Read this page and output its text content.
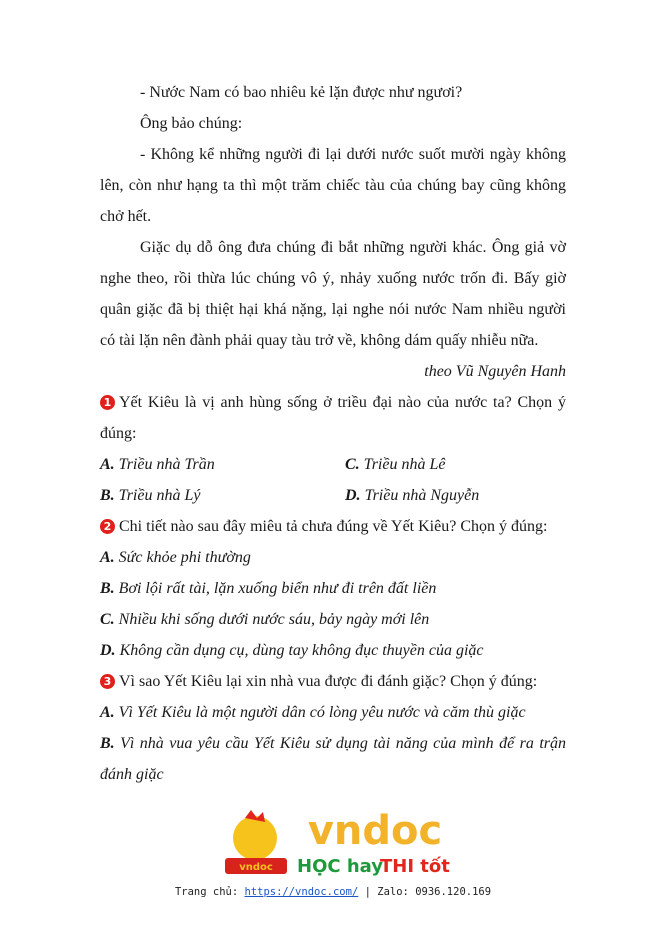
- Nước Nam có bao nhiêu kẻ lặn được như ngươi?

Ông bảo chúng:

- Không kể những người đi lại dưới nước suốt mười ngày không lên, còn như hạng ta thì một trăm chiếc tàu của chúng bay cũng không chở hết.

Giặc dụ dỗ ông đưa chúng đi bắt những người khác. Ông giả vờ nghe theo, rồi thừa lúc chúng vô ý, nhảy xuống nước trốn đi. Bấy giờ quân giặc đã bị thiệt hại khá nặng, lại nghe nói nước Nam nhiều người có tài lặn nên đành phải quay tàu trở về, không dám quấy nhiễu nữa.

theo Vũ Nguyên Hanh

1 Yết Kiêu là vị anh hùng sống ở triều đại nào của nước ta? Chọn ý đúng:

A. Triều nhà Trần	C. Triều nhà Lê
B. Triều nhà Lý	D. Triều nhà Nguyễn

2 Chi tiết nào sau đây miêu tả chưa đúng về Yết Kiêu? Chọn ý đúng:

A. Sức khỏe phi thường

B. Bơi lội rất tài, lặn xuống biển như đi trên đất liền

C. Nhiều khi sống dưới nước sáu, bảy ngày mới lên

D. Không cần dụng cụ, dùng tay không đục thuyền của giặc

3 Vì sao Yết Kiêu lại xin nhà vua được đi đánh giặc? Chọn ý đúng:

A. Vì Yết Kiêu là một người dân có lòng yêu nước và căm thù giặc

B. Vì nhà vua yêu cầu Yết Kiêu sử dụng tài năng của mình để ra trận đánh giặc

vndoc
vndoc
HỌC hay
THI tốt
Trang chủ: https://vndoc.com/ | Zalo: 0936.120.169
